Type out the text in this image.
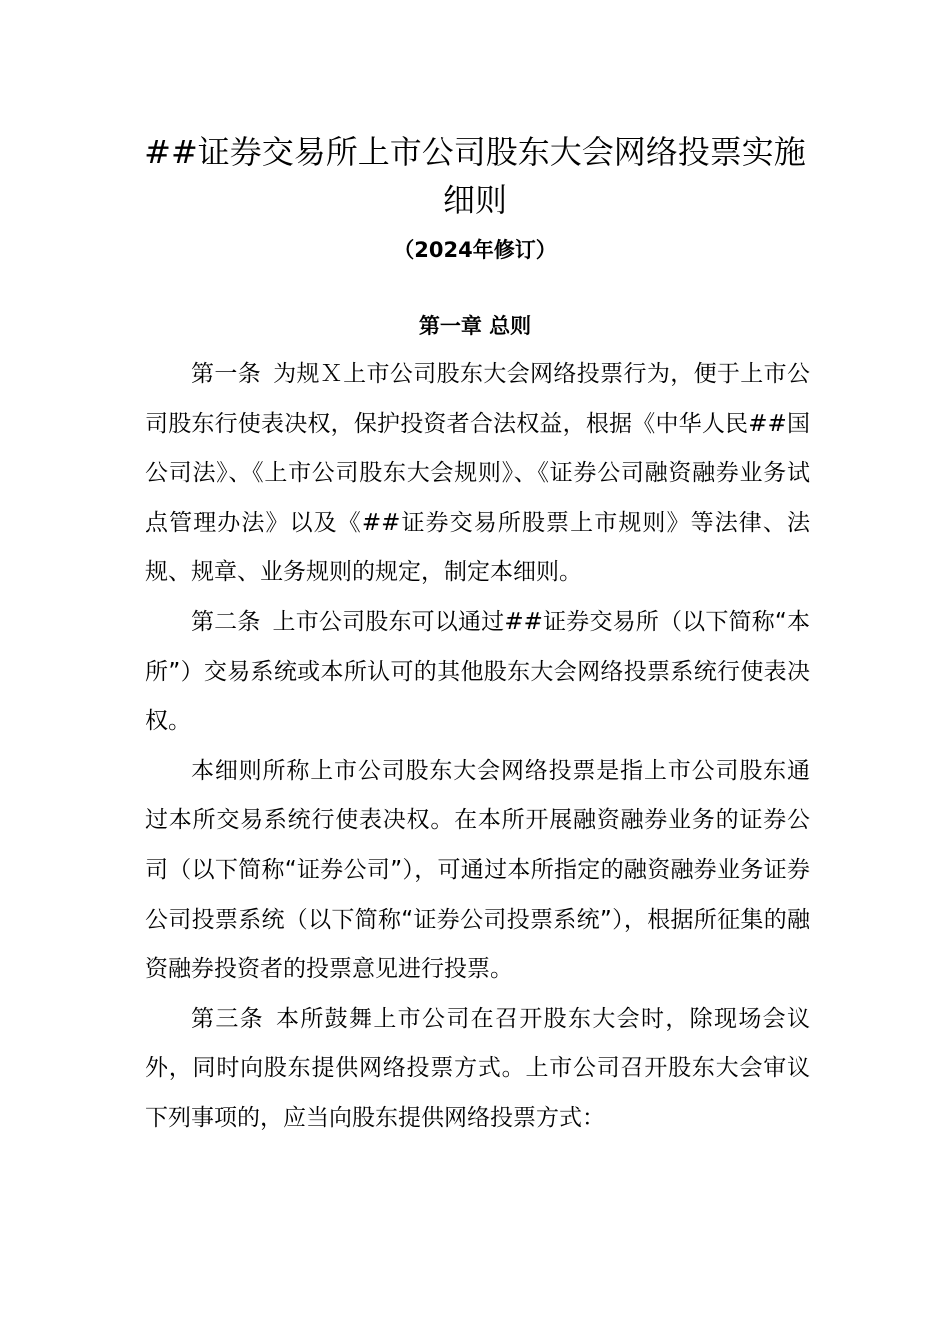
##证券交易所上市公司股东大会网络投票实施细则
（2024年修订）
第一章 总则

第一条 为规Ｘ上市公司股东大会网络投票行为，便于上市公司股东行使表决权，保护投资者合法权益，根据《中华人民##国公司法》、《上市公司股东大会规则》、《证券公司融资融券业务试点管理办法》以及《##证券交易所股票上市规则》等法律、法规、规章、业务规则的规定，制定本细则。

第二条 上市公司股东可以通过##证券交易所（以下简称“本所”）交易系统或本所认可的其他股东大会网络投票系统行使表决权。

本细则所称上市公司股东大会网络投票是指上市公司股东通过本所交易系统行使表决权。在本所开展融资融券业务的证券公司（以下简称“证券公司”），可通过本所指定的融资融券业务证券公司投票系统（以下简称“证券公司投票系统”），根据所征集的融资融券投资者的投票意见进行投票。

第三条 本所鼓舞上市公司在召开股东大会时，除现场会议外，同时向股东提供网络投票方式。上市公司召开股东大会审议下列事项的，应当向股东提供网络投票方式：
